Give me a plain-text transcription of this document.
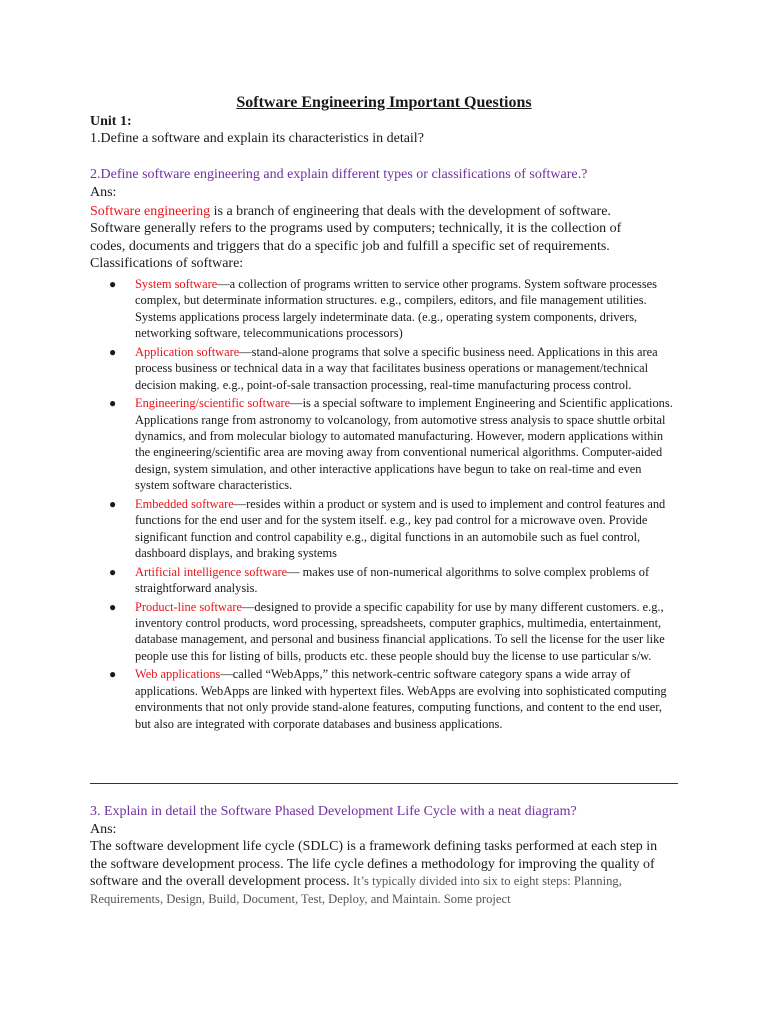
Software Engineering Important Questions
Unit 1:
1.Define a software and explain its characteristics in detail?
2.Define software engineering and explain different types or classifications of software.?
Ans:
Software engineering is a branch of engineering that deals with the development of software. Software generally refers to the programs used by computers; technically, it is the collection of codes, documents and triggers that do a specific job and fulfill a specific set of requirements.
Classifications of software:
● System software—a collection of programs written to service other programs. System software processes complex, but determinate information structures. e.g., compilers, editors, and file management utilities. Systems applications process largely indeterminate data. (e.g., operating system components, drivers, networking software, telecommunications processors)
● Application software—stand-alone programs that solve a specific business need. Applications in this area process business or technical data in a way that facilitates business operations or management/technical decision making. e.g., point-of-sale transaction processing, real-time manufacturing process control.
● Engineering/scientific software—is a special software to implement Engineering and Scientific applications. Applications range from astronomy to volcanology, from automotive stress analysis to space shuttle orbital dynamics, and from molecular biology to automated manufacturing. However, modern applications within the engineering/scientific area are moving away from conventional numerical algorithms. Computer-aided design, system simulation, and other interactive applications have begun to take on real-time and even system software characteristics.
● Embedded software—resides within a product or system and is used to implement and control features and functions for the end user and for the system itself. e.g., key pad control for a microwave oven. Provide significant function and control capability e.g., digital functions in an automobile such as fuel control, dashboard displays, and braking systems
● Artificial intelligence software— makes use of non-numerical algorithms to solve complex problems of straightforward analysis.
● Product-line software—designed to provide a specific capability for use by many different customers. e.g., inventory control products, word processing, spreadsheets, computer graphics, multimedia, entertainment, database management, and personal and business financial applications. To sell the license for the user like people use this for listing of bills, products etc. these people should buy the license to use particular s/w.
● Web applications—called “WebApps,” this network-centric software category spans a wide array of applications. WebApps are linked with hypertext files. WebApps are evolving into sophisticated computing environments that not only provide stand-alone features, computing functions, and content to the end user, but also are integrated with corporate databases and business applications.
3. Explain in detail the Software Phased Development Life Cycle with a neat diagram?
Ans:
The software development life cycle (SDLC) is a framework defining tasks performed at each step in the software development process. The life cycle defines a methodology for improving the quality of software and the overall development process. It’s typically divided into six to eight steps: Planning, Requirements, Design, Build, Document, Test, Deploy, and Maintain. Some project
